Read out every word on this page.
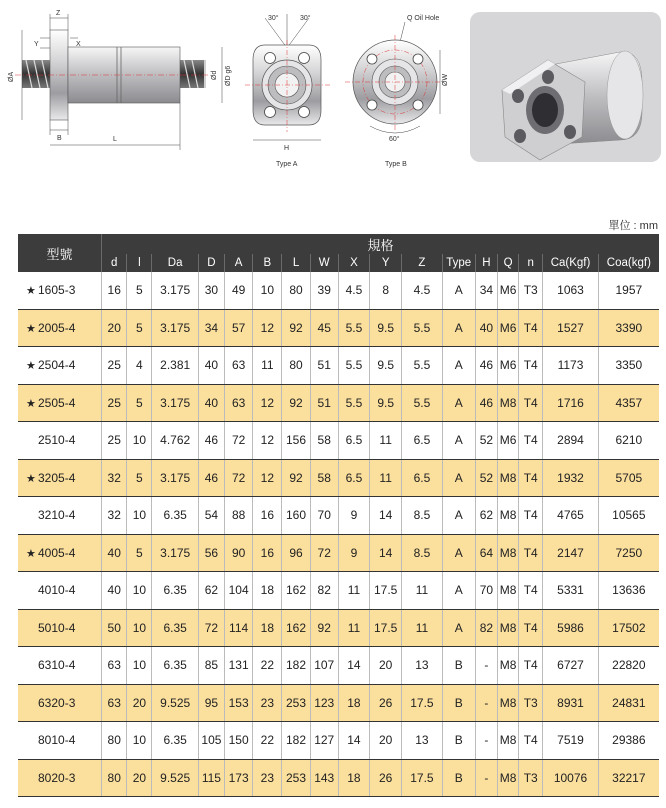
Z
Y	X
ØA	Ød ØD g6
B	L
30°	30°
H
Type A
Q Oil Hole
ØW
60°
Type B
單位 : mm
型號	規格																
	d	l	Da	D	A	B	L	W	X	Y	Z	Type	H	Q	n	Ca(Kgf)	Coa(kgf)
★ 1605-3	16	5	3.175	30	49	10	80	39	4.5	8	4.5	A	34	M6	T3	1063	1957
★ 2005-4	20	5	3.175	34	57	12	92	45	5.5	9.5	5.5	A	40	M6	T4	1527	3390
★ 2504-4	25	4	2.381	40	63	11	80	51	5.5	9.5	5.5	A	46	M6	T4	1173	3350
★ 2505-4	25	5	3.175	40	63	12	92	51	5.5	9.5	5.5	A	46	M8	T4	1716	4357
2510-4	25	10	4.762	46	72	12	156	58	6.5	11	6.5	A	52	M6	T4	2894	6210
★ 3205-4	32	5	3.175	46	72	12	92	58	6.5	11	6.5	A	52	M8	T4	1932	5705
3210-4	32	10	6.35	54	88	16	160	70	9	14	8.5	A	62	M8	T4	4765	10565
★ 4005-4	40	5	3.175	56	90	16	96	72	9	14	8.5	A	64	M8	T4	2147	7250
4010-4	40	10	6.35	62	104	18	162	82	11	17.5	11	A	70	M8	T4	5331	13636
5010-4	50	10	6.35	72	114	18	162	92	11	17.5	11	A	82	M8	T4	5986	17502
6310-4	63	10	6.35	85	131	22	182	107	14	20	13	B	-	M8	T4	6727	22820
6320-3	63	20	9.525	95	153	23	253	123	18	26	17.5	B	-	M8	T3	8931	24831
8010-4	80	10	6.35	105	150	22	182	127	14	20	13	B	-	M8	T4	7519	29386
8020-3	80	20	9.525	115	173	23	253	143	18	26	17.5	B	-	M8	T3	10076	32217
